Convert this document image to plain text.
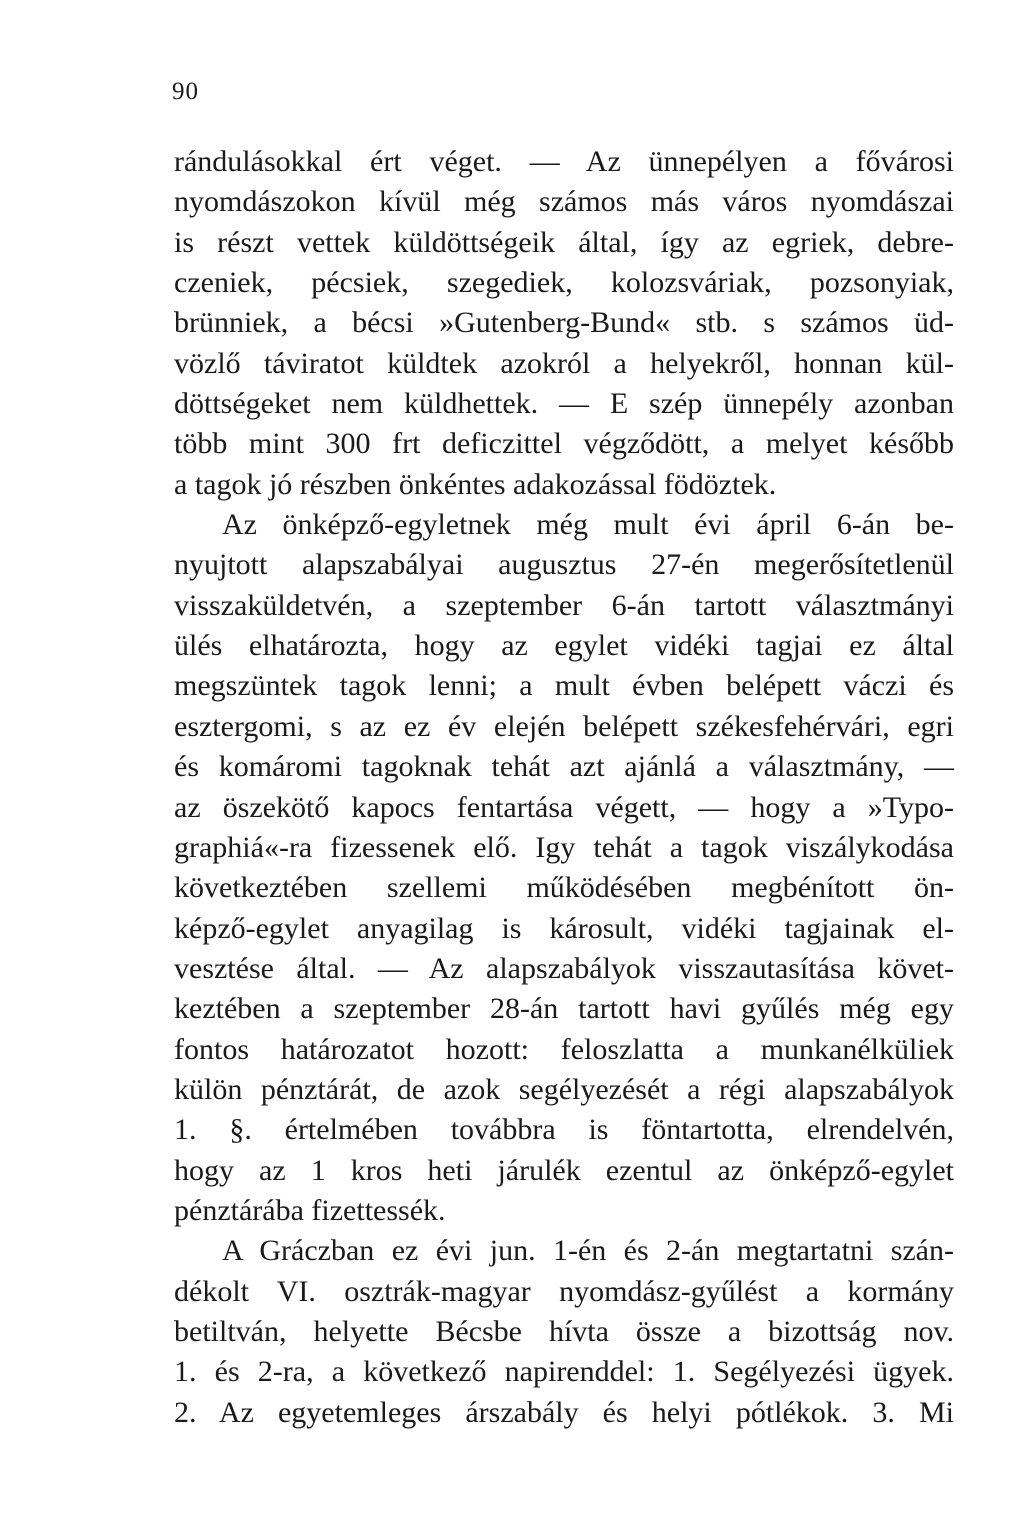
90
rándulásokkal ért véget. — Az ünnepélyen a fővárosi
nyomdászokon kívül még számos más város nyomdászai
is részt vettek küldöttségeik által, így az egriek, debre-
czeniek, pécsiek, szegediek, kolozsváriak, pozsonyiak,
brünniek, a bécsi »Gutenberg-Bund« stb. s számos üd-
vözlő táviratot küldtek azokról a helyekről, honnan kül-
döttségeket nem küldhettek. — E szép ünnepély azonban
több mint 300 frt deficzittel végződött, a melyet később
a tagok jó részben önkéntes adakozással födöztek.
Az önképző-egyletnek még mult évi ápril 6-án be-
nyujtott alapszabályai augusztus 27-én megerősítetlenül
visszaküldetvén, a szeptember 6-án tartott választmányi
ülés elhatározta, hogy az egylet vidéki tagjai ez által
megszüntek tagok lenni; a mult évben belépett váczi és
esztergomi, s az ez év elején belépett székesfehérvári, egri
és komáromi tagoknak tehát azt ajánlá a választmány, —
az öszekötő kapocs fentartása végett, — hogy a »Typo-
graphiá«-ra fizessenek elő. Igy tehát a tagok viszálykodása
következtében szellemi működésében megbénított ön-
képző-egylet anyagilag is károsult, vidéki tagjainak el-
vesztése által. — Az alapszabályok visszautasítása követ-
keztében a szeptember 28-án tartott havi gyűlés még egy
fontos határozatot hozott: feloszlatta a munkanélküliek
külön pénztárát, de azok segélyezését a régi alapszabályok
1. §. értelmében továbbra is föntartotta, elrendelvén,
hogy az 1 kros heti járulék ezentul az önképző-egylet
pénztárába fizettessék.
A Gráczban ez évi jun. 1-én és 2-án megtartatni szán-
dékolt VI. osztrák-magyar nyomdász-gyűlést a kormány
betiltván, helyette Bécsbe hívta össze a bizottság nov.
1. és 2-ra, a következő napirenddel: 1. Segélyezési ügyek.
2. Az egyetemleges árszabály és helyi pótlékok. 3. Mi
